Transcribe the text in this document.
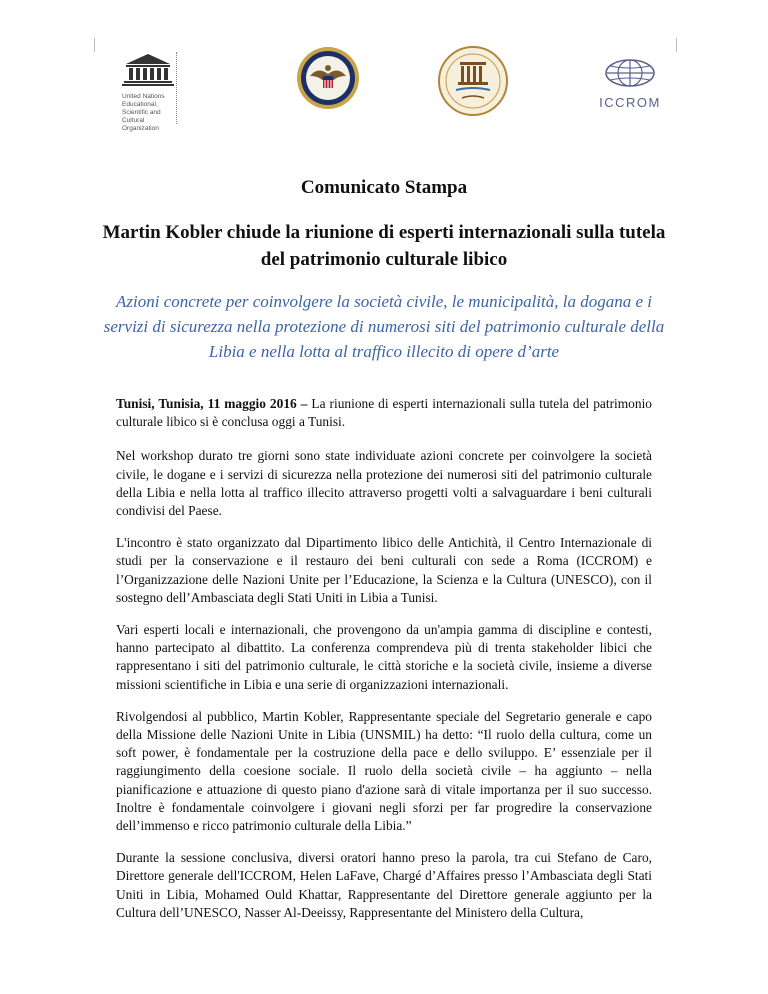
United Nations
Educational, Scientific and
Cultural Organization
ICCROM
Comunicato Stampa
Martin Kobler chiude la riunione di esperti internazionali sulla tutela del patrimonio culturale libico
Azioni concrete per coinvolgere la società civile, le municipalità, la dogana e i servizi di sicurezza nella protezione di numerosi siti del patrimonio culturale della Libia e nella lotta al traffico illecito di opere d’arte

Tunisi, Tunisia, 11 maggio 2016 – La riunione di esperti internazionali sulla tutela del patrimonio culturale libico si è conclusa oggi a Tunisi.

Nel workshop durato tre giorni sono state individuate azioni concrete per coinvolgere la società civile, le dogane e i servizi di sicurezza nella protezione dei numerosi siti del patrimonio culturale della Libia e nella lotta al traffico illecito attraverso progetti volti a salvaguardare i beni culturali condivisi del Paese.

L'incontro è stato organizzato dal Dipartimento libico delle Antichità, il Centro Internazionale di studi per la conservazione e il restauro dei beni culturali con sede a Roma (ICCROM) e l’Organizzazione delle Nazioni Unite per l’Educazione, la Scienza e la Cultura (UNESCO), con il sostegno dell’Ambasciata degli Stati Uniti in Libia a Tunisi.

Vari esperti locali e internazionali, che provengono da un'ampia gamma di discipline e contesti, hanno partecipato al dibattito. La conferenza comprendeva più di trenta stakeholder libici che rappresentano i siti del patrimonio culturale, le città storiche e la società civile, insieme a diverse missioni scientifiche in Libia e una serie di organizzazioni internazionali.

Rivolgendosi al pubblico, Martin Kobler, Rappresentante speciale del Segretario generale e capo della Missione delle Nazioni Unite in Libia (UNSMIL) ha detto: “Il ruolo della cultura, come un soft power, è fondamentale per la costruzione della pace e dello sviluppo. E’ essenziale per il raggiungimento della coesione sociale. Il ruolo della società civile – ha aggiunto – nella pianificazione e attuazione di questo piano d'azione sarà di vitale importanza per il suo successo. Inoltre è fondamentale coinvolgere i giovani negli sforzi per far progredire la conservazione dell’immenso e ricco patrimonio culturale della Libia.”

Durante la sessione conclusiva, diversi oratori hanno preso la parola, tra cui Stefano de Caro, Direttore generale dell'ICCROM, Helen LaFave, Chargé d’Affaires presso l’Ambasciata degli Stati Uniti in Libia, Mohamed Ould Khattar, Rappresentante del Direttore generale aggiunto per la Cultura dell’UNESCO, Nasser Al-Deeissy, Rappresentante del Ministero della Cultura,
